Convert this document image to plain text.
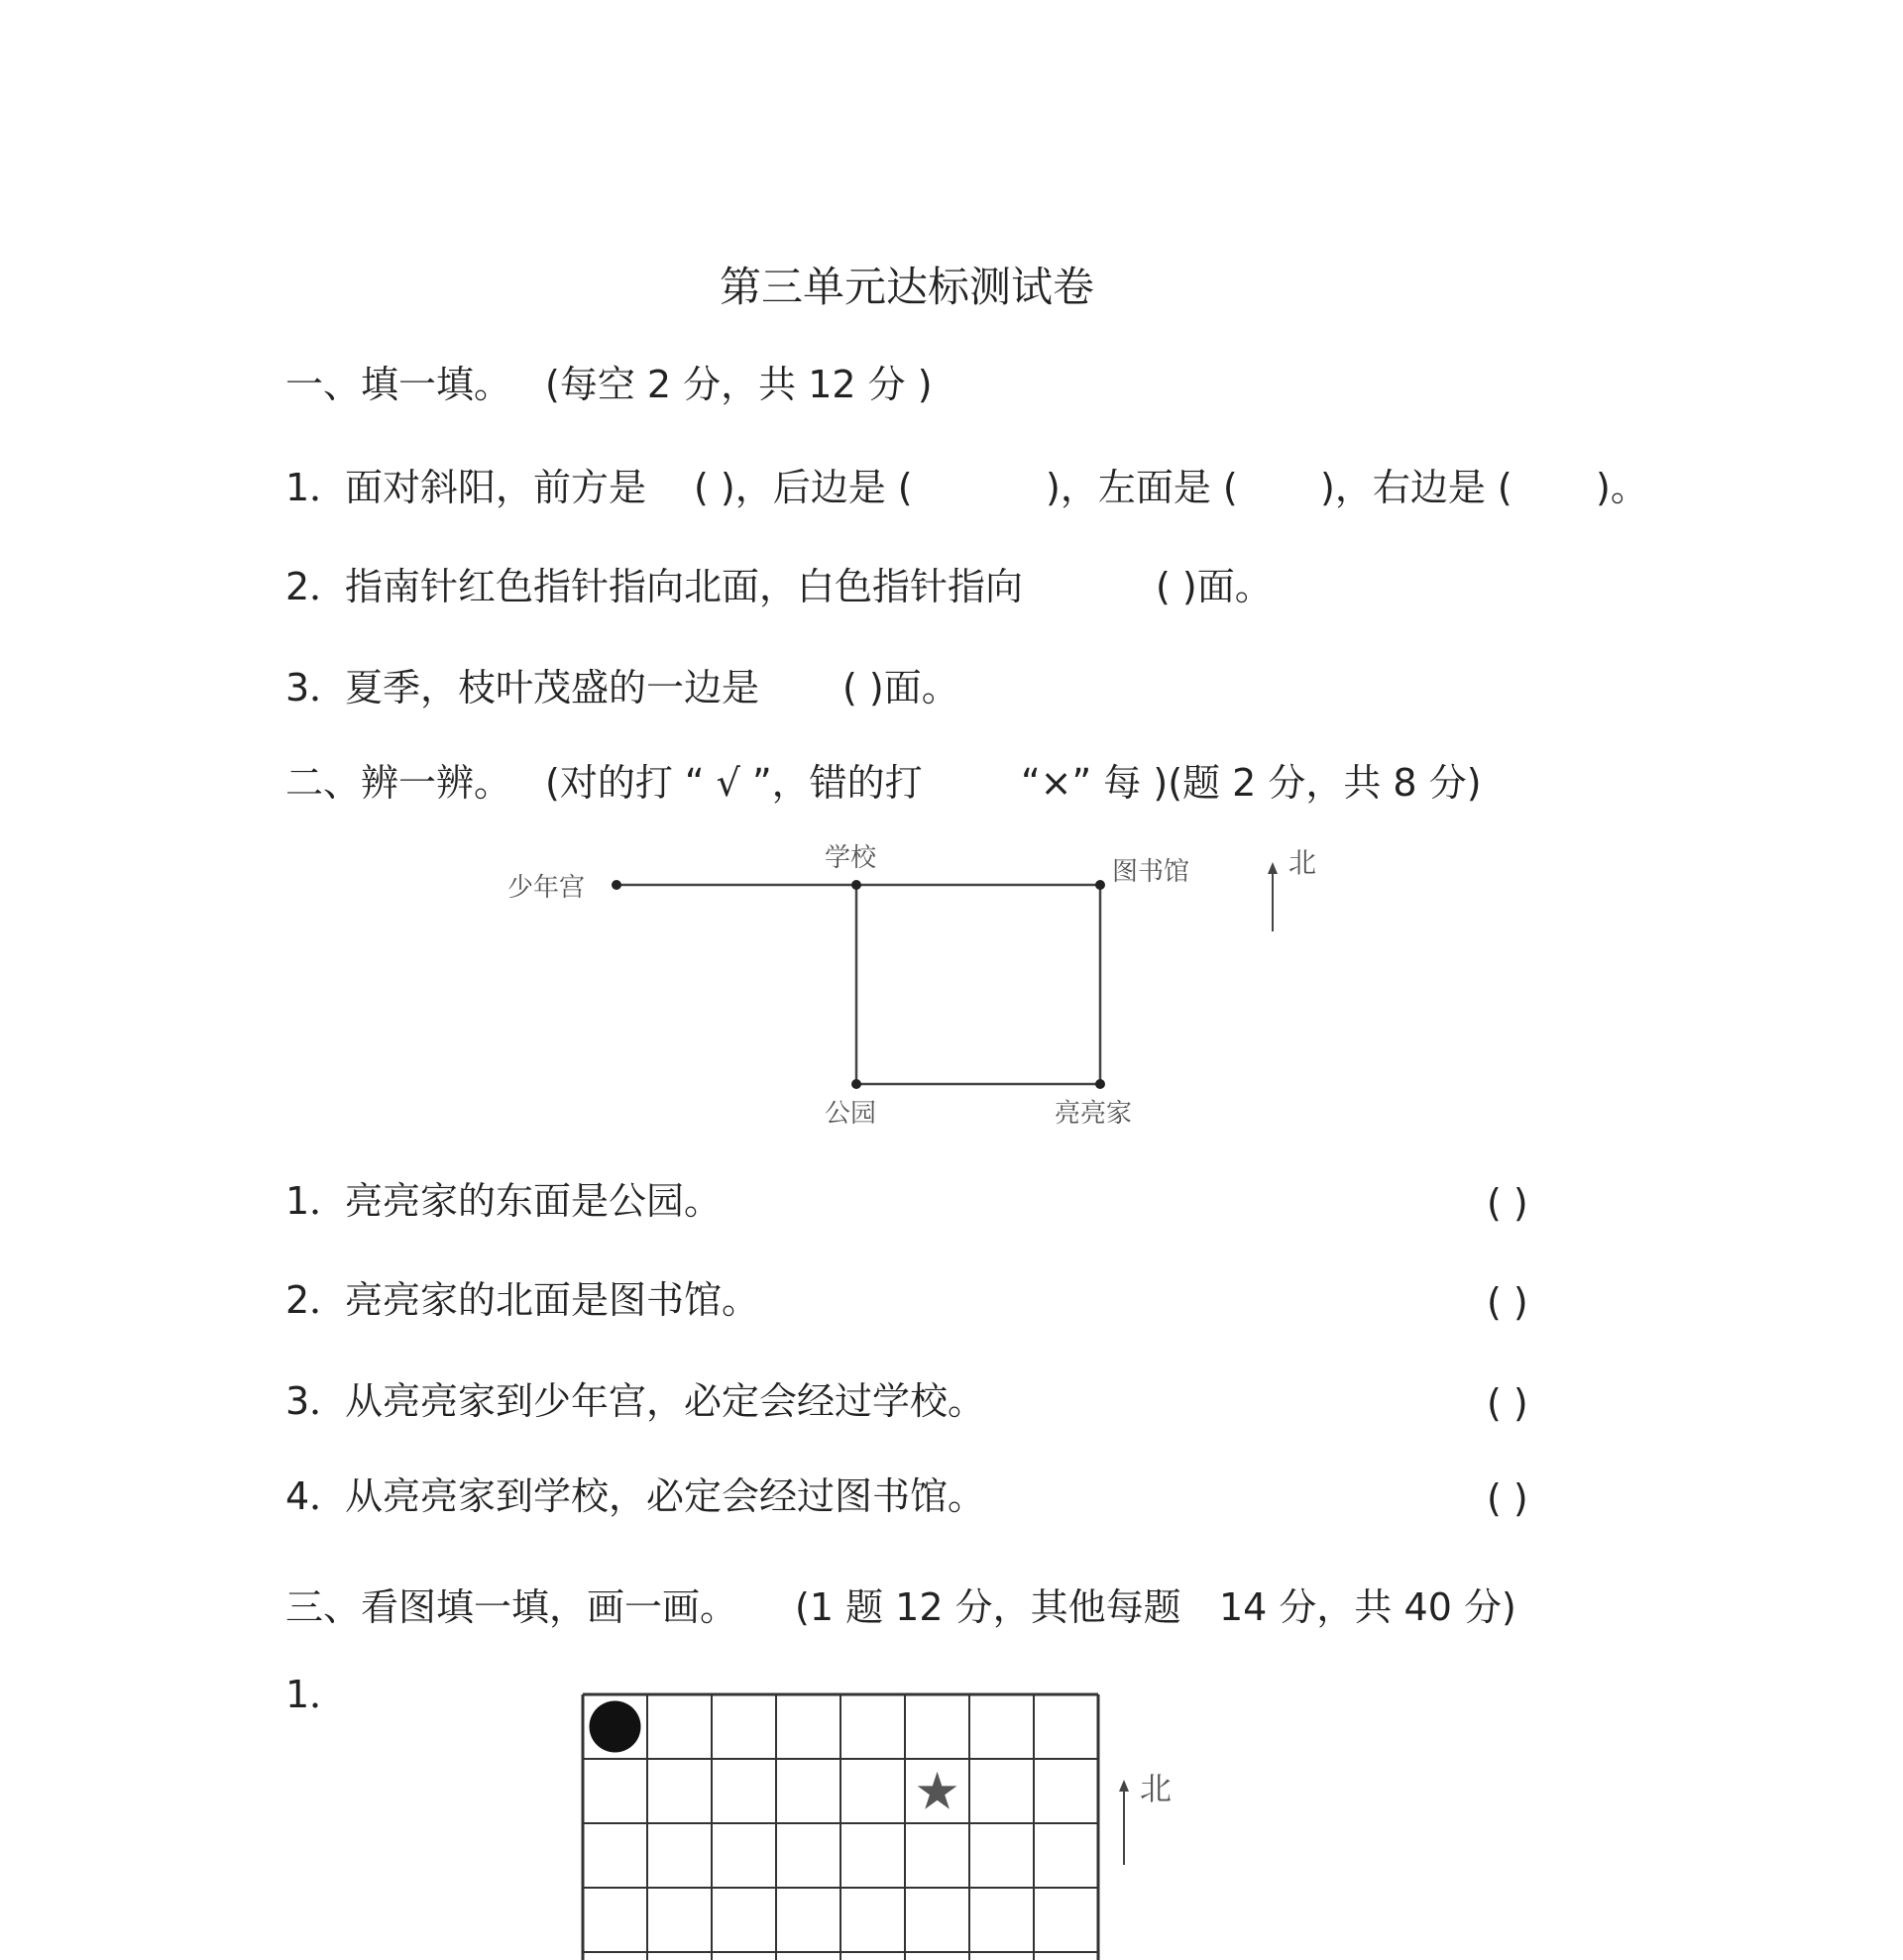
第三单元达标测试卷
一、填一填。 (每空 2 分，共 12 分 )
1．
面对斜阳，前方是 ( )，后边是 (	)，左面是 ( )，右边是 ( )。
2．
指南针红色指针指向北面，白色指针指向	( )面。
3．
夏季，枝叶茂盛的一边是 ( )面。
二、辨一辨。 (对的打 “ √ ”，错的打	“×” 每 )(题 2 分，共 8 分)
少年宫
学校	图书馆
公园	亮亮家
北
1．
亮亮家的东面是公园。	( )
2．
亮亮家的北面是图书馆。	( )
3．
从亮亮家到少年宫，必定会经过学校。	( )
4．
从亮亮家到学校，必定会经过图书馆。	( )
三、看图填一填，画一画。 (1 题 12 分，其他每题 14 分，共 40 分)
1．
★	北
